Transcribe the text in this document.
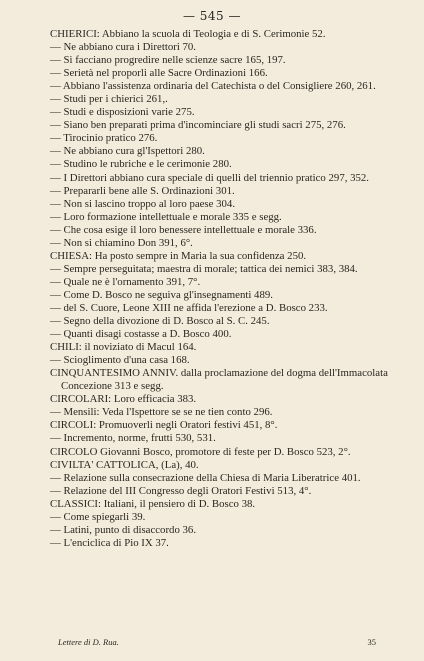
— 545 —
CHIERICI: Abbiano la scuola di Teologia e di S. Cerimonie 52.
— Ne abbiano cura i Direttori 70.
— Si facciano progredire nelle scienze sacre 165, 197.
— Serietà nel proporli alle Sacre Ordinazioni 166.
— Abbiano l'assistenza ordinaria del Catechista o del Consigliere 260, 261.
— Studi per i chierici 261,.
— Studi e disposizioni varie 275.
— Siano ben preparati prima d'incominciare gli studi sacri 275, 276.
— Tirocinio pratico 276.
— Ne abbiano cura gl'Ispettori 280.
— Studino le rubriche e le cerimonie 280.
— I Direttori abbiano cura speciale di quelli del triennio pratico 297, 352.
— Prepararli bene alle S. Ordinazioni 301.
— Non si lascino troppo al loro paese 304.
— Loro formazione intellettuale e morale 335 e segg.
— Che cosa esige il loro benessere intellettuale e morale 336.
— Non si chiamino Don 391, 6°.
CHIESA: Ha posto sempre in Maria la sua confidenza 250.
— Sempre perseguitata; maestra di morale; tattica dei nemici 383, 384.
— Quale ne è l'ornamento 391, 7°.
— Come D. Bosco ne seguiva gl'insegnamenti 489.
— del S. Cuore, Leone XIII ne affida l'erezione a D. Bosco 233.
— Segno della divozione di D. Bosco al S. C. 245.
— Quanti disagi costasse a D. Bosco 400.
CHILI: il noviziato di Macul 164.
— Scioglimento d'una casa 168.
CINQUANTESIMO ANNIV. dalla proclamazione del dogma dell'Immacolata Concezione 313 e segg.
CIRCOLARI: Loro efficacia 383.
— Mensili: Veda l'Ispettore se se ne tien conto 296.
CIRCOLI: Promuoverli negli Oratori festivi 451, 8°.
— Incremento, norme, frutti 530, 531.
CIRCOLO Giovanni Bosco, promotore di feste per D. Bosco 523, 2°.
CIVILTA' CATTOLICA, (La), 40.
— Relazione sulla consecrazione della Chiesa di Maria Liberatrice 401.
— Relazione del III Congresso degli Oratori Festivi 513, 4°.
CLASSICI: Italiani, il pensiero di D. Bosco 38.
— Come spiegarli 39.
— Latini, punto di disaccordo 36.
— L'enciclica di Pio IX 37.
Lettere di D. Rua.	35
